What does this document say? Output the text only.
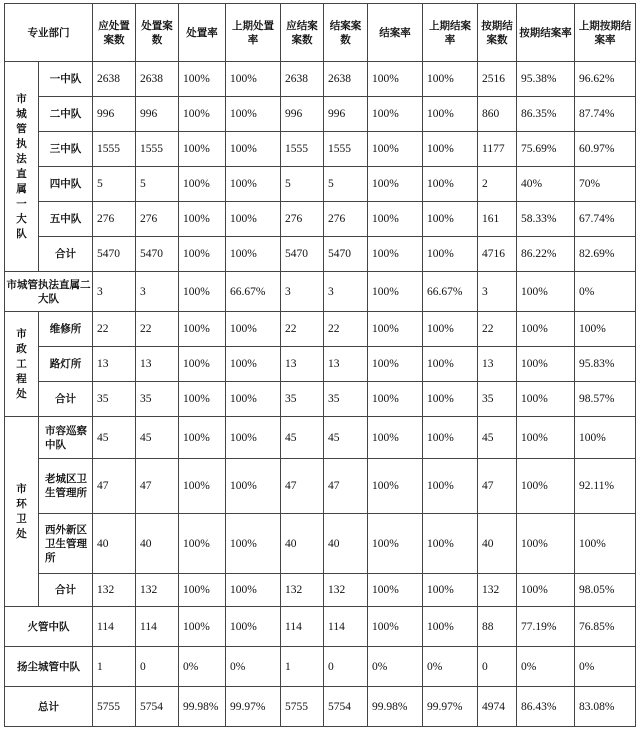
专业部门		应处置案数	处置案数	处置率	上期处置率	应结案案数	结案案数	结案率	上期结案率	按期结案数	按期结案率	上期按期结案率
市城管执法直属一大队	一中队	2638	2638	100%	100%	2638	2638	100%	100%	2516	95.38%	96.62%
	二中队	996	996	100%	100%	996	996	100%	100%	860	86.35%	87.74%
	三中队	1555	1555	100%	100%	1555	1555	100%	100%	1177	75.69%	60.97%
	四中队	5	5	100%	100%	5	5	100%	100%	2	40%	70%
	五中队	276	276	100%	100%	276	276	100%	100%	161	58.33%	67.74%
	合计	5470	5470	100%	100%	5470	5470	100%	100%	4716	86.22%	82.69%
市城管执法直属二大队		3	3	100%	66.67%	3	3	100%	66.67%	3	100%	0%
市政工程处	维修所	22	22	100%	100%	22	22	100%	100%	22	100%	100%
	路灯所	13	13	100%	100%	13	13	100%	100%	13	100%	95.83%
	合计	35	35	100%	100%	35	35	100%	100%	35	100%	98.57%
市环卫处	市容巡察中队	45	45	100%	100%	45	45	100%	100%	45	100%	100%
	老城区卫生管理所	47	47	100%	100%	47	47	100%	100%	47	100%	92.11%
	西外新区卫生管理所	40	40	100%	100%	40	40	100%	100%	40	100%	100%
	合计	132	132	100%	100%	132	132	100%	100%	132	100%	98.05%
火管中队		114	114	100%	100%	114	114	100%	100%	88	77.19%	76.85%
扬尘城管中队		1	0	0%	0%	1	0	0%	0%	0	0%	0%
总计		5755	5754	99.98%	99.97%	5755	5754	99.98%	99.97%	4974	86.43%	83.08%
